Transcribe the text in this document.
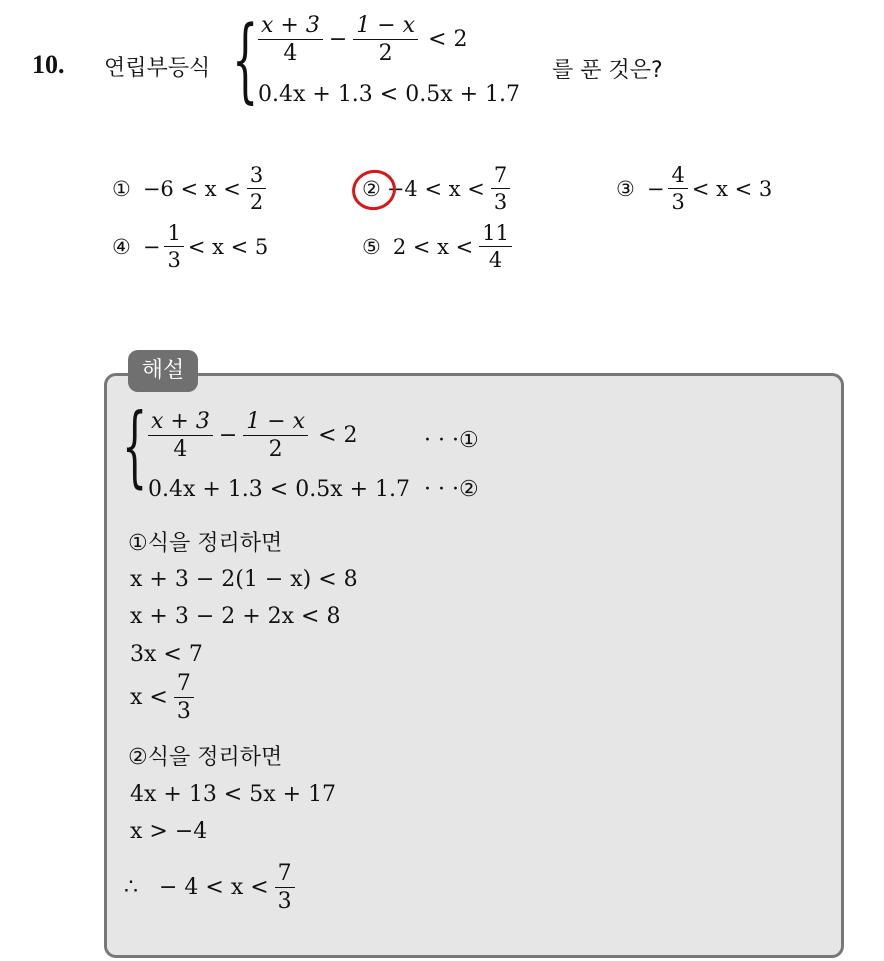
10. 연립부등식 { $\frac{x + 3}{4} - \frac{1 - x}{2} < 2$
0.4x + 1.3 < 0.5x + 1.7
를 푼 것은?
① $-6 < x < \frac{3}{2}$	② $-4 < x < \frac{7}{3}$	③ − $\frac{4}{3} < x < 3$
④ − $\frac{1}{3} < x < 5$	⑤ $2 < x < \frac{11}{4}$
해설
{ $\frac{x + 3}{4} - \frac{1 - x}{2} < 2$	· · ·①
0.4x + 1.3 < 0.5x + 1.7 · · ·②
①식을 정리하면
x + 3 − 2(1 − x) < 8
x + 3 − 2 + 2x < 8
3x < 7
$x < \frac{7}{3}$
②식을 정리하면
4x + 13 < 5x + 17
x > −4
∴   − $4 < x < \frac{7}{3}$
